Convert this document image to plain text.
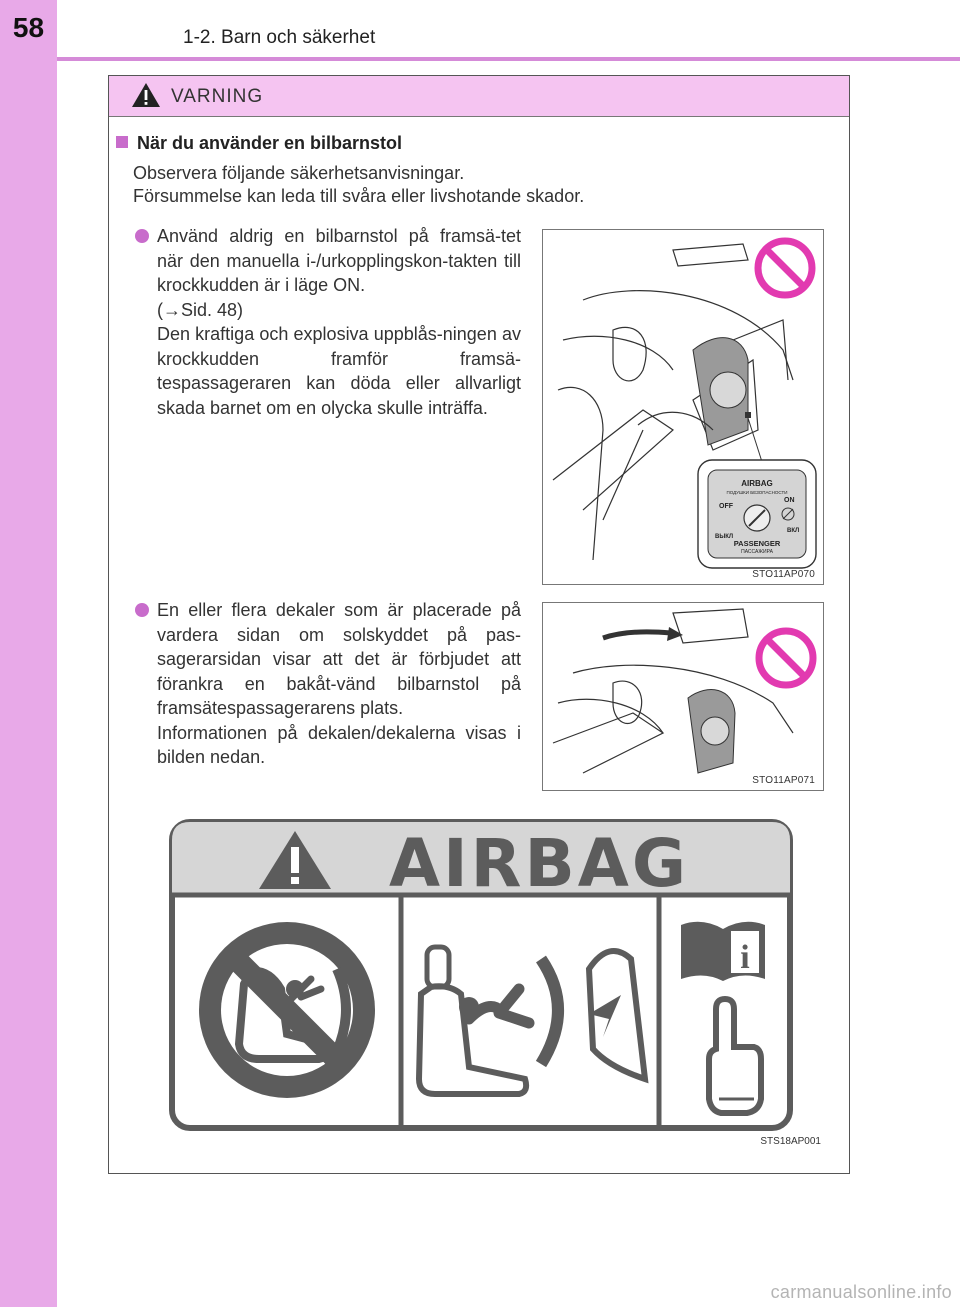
58	1-2. Barn och säkerhet
VARNING
När du använder en bilbarnstol
Observera följande säkerhetsanvisningar.
Försummelse kan leda till svåra eller livshotande skador.
Använd aldrig en bilbarnstol på framsä-tet när den manuella i-/urkopplingskon-takten till krockkudden är i läge ON.
(→Sid. 48)
Den kraftiga och explosiva uppblås-ningen av krockkudden framför framsä-tespassageraren kan döda eller allvarligt skada barnet om en olycka skulle inträffa.
En eller flera dekaler som är placerade på vardera sidan om solskyddet på pas-sagerarsidan visar att det är förbjudet att förankra en bakåt-vänd bilbarnstol på framsätespassagerarens plats.
Informationen på dekalen/dekalerna visas i bilden nedan.
AIRBAG
ПОДУШКИ БЕЗОПАСНОСТИ
OFF
ON
ВЫКЛ
ВКЛ
PASSENGER
ПАССАЖИРА
STO11AP070
STO11AP071
AIRBAG
i
STS18AP001
carmanualsonline.info
